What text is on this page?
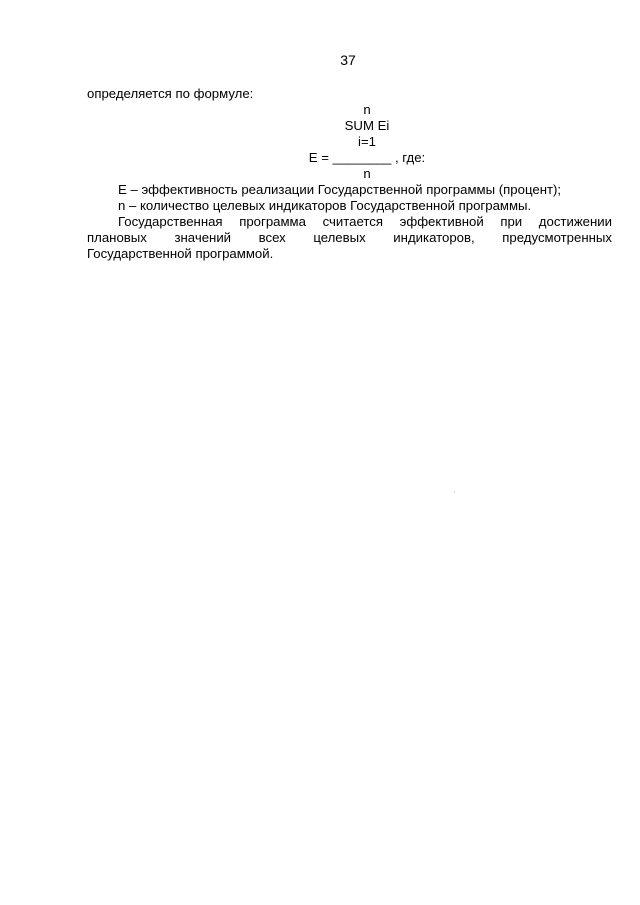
37

определяется по формуле:

n
SUM Ei
i=1
E = ________ , где:
n

E – эффективность реализации Государственной программы (процент);

n – количество целевых индикаторов Государственной программы.

Государственная программа считается эффективной при достижении

плановых значений всех целевых индикаторов, предусмотренных

Государственной программой.
